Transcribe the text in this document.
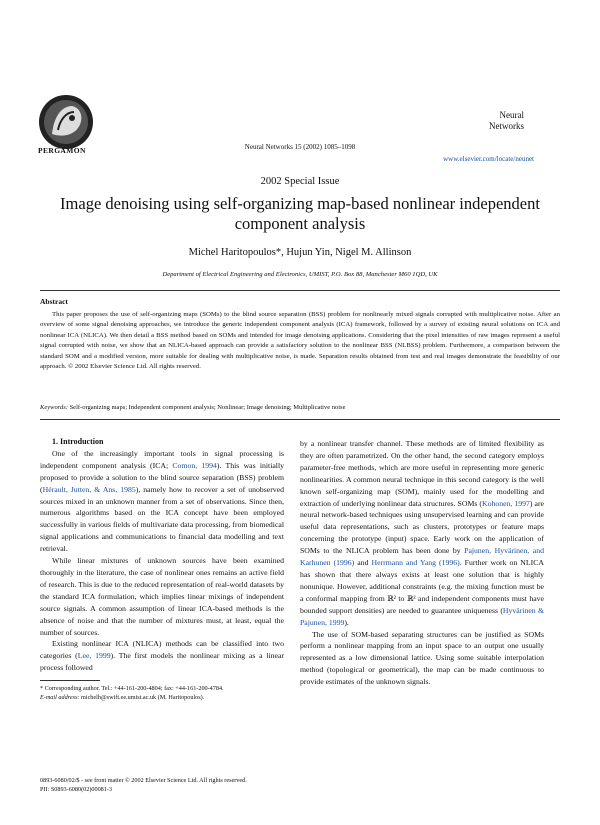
PERGAMON	Neural Networks 15 (2002) 1085–1098
Neural
Networks
www.elsevier.com/locate/neunet
2002 Special Issue
Image denoising using self-organizing map-based nonlinear independent component analysis
Michel Haritopoulos*, Hujun Yin, Nigel M. Allinson
Department of Electrical Engineering and Electronics, UMIST, P.O. Box 88, Manchester M60 1QD, UK
Abstract
This paper proposes the use of self-organizing maps (SOMs) to the blind source separation (BSS) problem for nonlinearly mixed signals corrupted with multiplicative noise. After an overview of some signal denoising approaches, we introduce the generic independent component analysis (ICA) framework, followed by a survey of existing neural solutions on ICA and nonlinear ICA (NLICA). We then detail a BSS method based on SOMs and intended for image denoising applications. Considering that the pixel intensities of raw images represent a useful signal corrupted with noise, we show that an NLICA-based approach can provide a satisfactory solution to the nonlinear BSS (NLBSS) problem. Furthermore, a comparison between the standard SOM and a modified version, more suitable for dealing with multiplicative noise, is made. Separation results obtained from test and real images demonstrate the feasibility of our approach. © 2002 Elsevier Science Ltd. All rights reserved.
Keywords: Self-organizing maps; Independent component analysis; Nonlinear; Image denoising; Multiplicative noise

1. Introduction

One of the increasingly important tools in signal processing is independent component analysis (ICA; Comon, 1994). This was initially proposed to provide a solution to the blind source separation (BSS) problem (Hérault, Jutten, & Ans, 1985), namely how to recover a set of unobserved sources mixed in an unknown manner from a set of observations. Since then, numerous algorithms based on the ICA concept have been employed successfully in various fields of multivariate data processing, from biomedical signal applications and communications to financial data modelling and text retrieval.

While linear mixtures of unknown sources have been examined thoroughly in the literature, the case of nonlinear ones remains an active field of research. This is due to the reduced representation of real-world datasets by the standard ICA formulation, which implies linear mixings of independent source signals. A common assumption of linear ICA-based methods is the absence of noise and that the number of mixtures must, at least, equal the number of sources.

Existing nonlinear ICA (NLICA) methods can be classified into two categories (Lee, 1999). The first models the nonlinear mixing as a linear process followed

by a nonlinear transfer channel. These methods are of limited flexibility as they are often parametrized. On the other hand, the second category employs parameter-free methods, which are more useful in representing more generic nonlinearities. A common neural technique in this second category is the well known self-organizing map (SOM), mainly used for the modelling and extraction of underlying nonlinear data structures. SOMs (Kohonen, 1997) are neural network-based techniques using unsupervised learning and can provide useful data representations, such as clusters, prototypes or feature maps concerning the prototype (input) space. Early work on the application of SOMs to the NLICA problem has been done by Pajunen, Hyvärinen, and Karhunen (1996) and Herrmann and Yang (1996). Further work on NLICA has shown that there always exists at least one solution that is highly nonunique. However, additional constraints (e.g. the mixing function must be a conformal mapping from ℝ² to ℝ² and independent components must have bounded support densities) are needed to guarantee uniqueness (Hyvärinen & Pajunen, 1999).

The use of SOM-based separating structures can be justified as SOMs perform a nonlinear mapping from an input space to an output one usually represented as a low dimensional lattice. Using some suitable interpolation method (topological or geometrical), the map can be made continuous to provide estimates of the unknown signals.

* Corresponding author. Tel.: +44-161-200-4804; fax: +44-161-200-4784.

E-mail address: michelh@swift.ee.umist.ac.uk (M. Haritopoulos).

0893-6080/02/$ - see front matter © 2002 Elsevier Science Ltd. All rights reserved.

PII: S0893-6080(02)00081-3
